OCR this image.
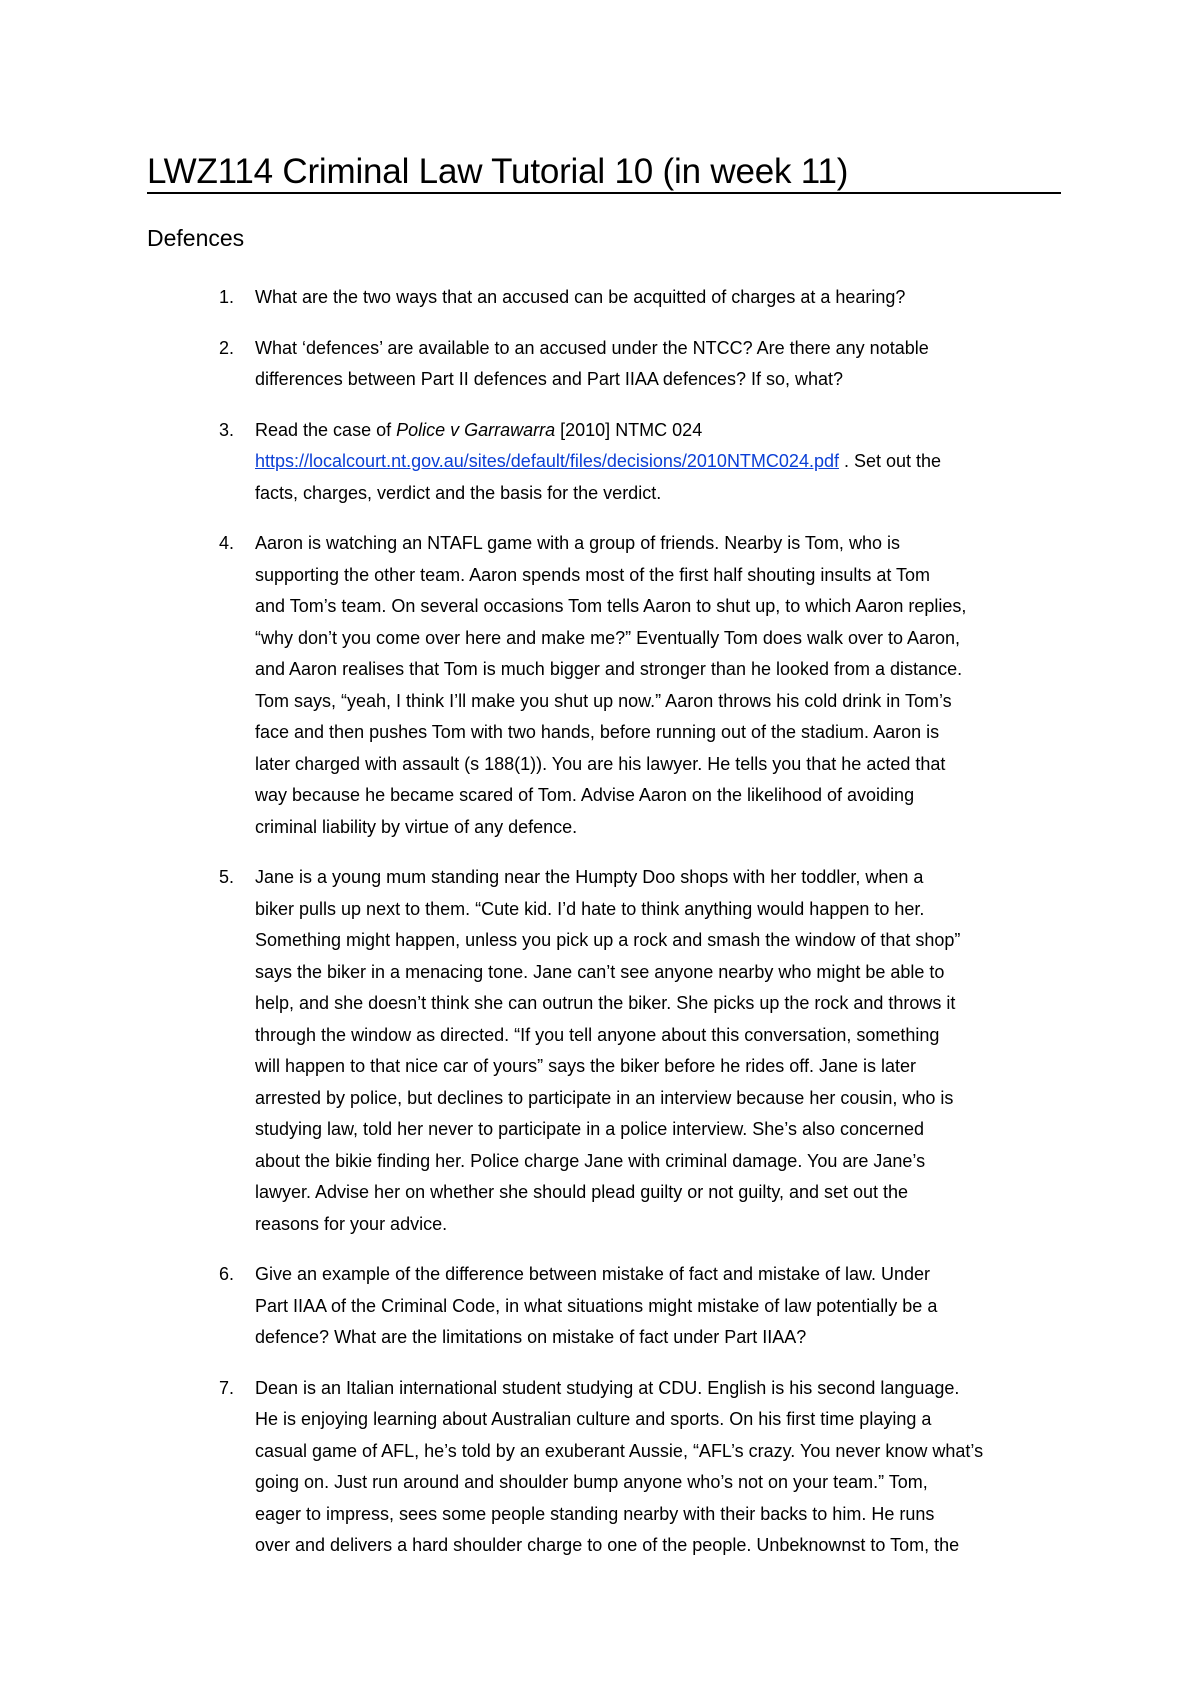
LWZ114 Criminal Law Tutorial 10 (in week 11)
Defences
1. What are the two ways that an accused can be acquitted of charges at a hearing?

2. What ‘defences’ are available to an accused under the NTCC? Are there any notable

differences between Part II defences and Part IIAA defences? If so, what?

3. Read the case of Police v Garrawarra [2010] NTMC 024

https://localcourt.nt.gov.au/sites/default/files/decisions/2010NTMC024.pdf . Set out the

facts, charges, verdict and the basis for the verdict.

4. Aaron is watching an NTAFL game with a group of friends. Nearby is Tom, who is

supporting the other team. Aaron spends most of the first half shouting insults at Tom

and Tom’s team. On several occasions Tom tells Aaron to shut up, to which Aaron replies,

“why don’t you come over here and make me?” Eventually Tom does walk over to Aaron,

and Aaron realises that Tom is much bigger and stronger than he looked from a distance.

Tom says, “yeah, I think I’ll make you shut up now.” Aaron throws his cold drink in Tom’s

face and then pushes Tom with two hands, before running out of the stadium. Aaron is

later charged with assault (s 188(1)). You are his lawyer. He tells you that he acted that

way because he became scared of Tom. Advise Aaron on the likelihood of avoiding

criminal liability by virtue of any defence.

5. Jane is a young mum standing near the Humpty Doo shops with her toddler, when a

biker pulls up next to them. “Cute kid. I’d hate to think anything would happen to her.

Something might happen, unless you pick up a rock and smash the window of that shop”

says the biker in a menacing tone. Jane can’t see anyone nearby who might be able to

help, and she doesn’t think she can outrun the biker. She picks up the rock and throws it

through the window as directed. “If you tell anyone about this conversation, something

will happen to that nice car of yours” says the biker before he rides off. Jane is later

arrested by police, but declines to participate in an interview because her cousin, who is

studying law, told her never to participate in a police interview. She’s also concerned

about the bikie finding her. Police charge Jane with criminal damage. You are Jane’s

lawyer. Advise her on whether she should plead guilty or not guilty, and set out the

reasons for your advice.

6. Give an example of the difference between mistake of fact and mistake of law. Under

Part IIAA of the Criminal Code, in what situations might mistake of law potentially be a

defence? What are the limitations on mistake of fact under Part IIAA?

7. Dean is an Italian international student studying at CDU. English is his second language.

He is enjoying learning about Australian culture and sports. On his first time playing a

casual game of AFL, he’s told by an exuberant Aussie, “AFL’s crazy. You never know what’s

going on. Just run around and shoulder bump anyone who’s not on your team.” Tom,

eager to impress, sees some people standing nearby with their backs to him. He runs

over and delivers a hard shoulder charge to one of the people. Unbeknownst to Tom, the
